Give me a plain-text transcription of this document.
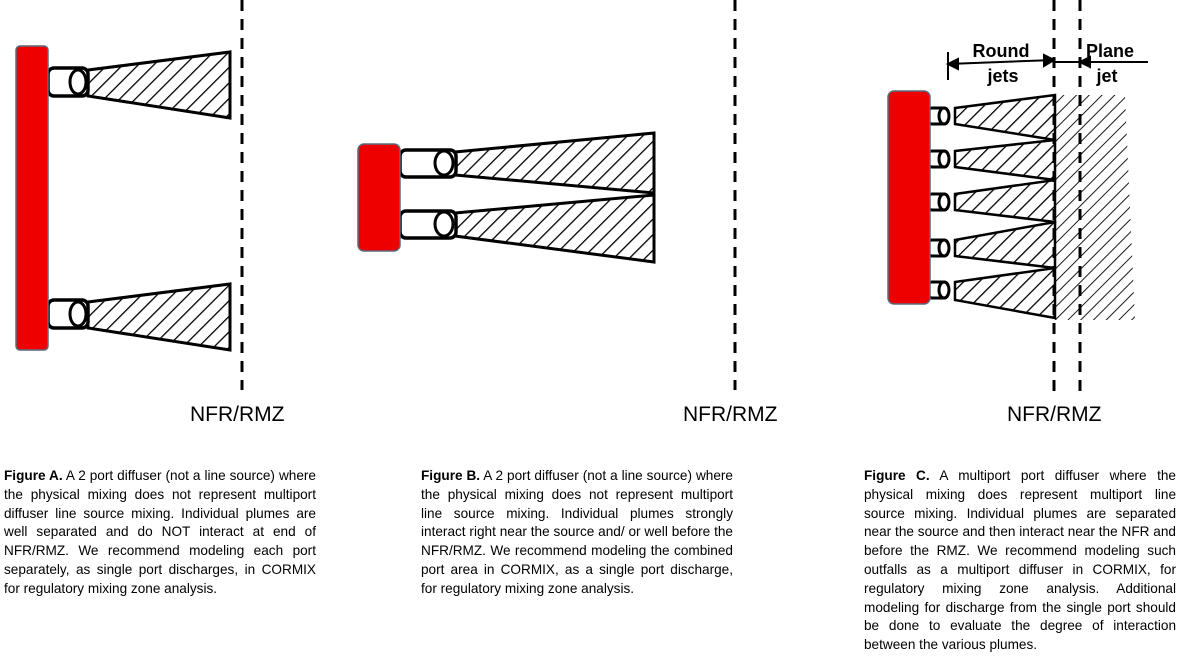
Round
jets
Plane
jet
NFR/RMZ	NFR/RMZ	NFR/RMZ
Figure A. A 2 port diffuser (not a line source) where the physical mixing does not represent multiport diffuser line source mixing. Individual plumes are well separated and do NOT interact at end of NFR/RMZ. We recommend modeling each port separately, as single port discharges, in CORMIX for regulatory mixing zone analysis.
Figure B. A 2 port diffuser (not a line source) where the physical mixing does not represent multiport line source mixing. Individual plumes strongly interact right near the source and/ or well before the NFR/RMZ. We recommend modeling the combined port area in CORMIX, as a single port discharge, for regulatory mixing zone analysis.
Figure C. A multiport port diffuser where the physical mixing does represent multiport line source mixing. Individual plumes are separated near the source and then interact near the NFR and before the RMZ. We recommend modeling such outfalls as a multiport diffuser in CORMIX, for regulatory mixing zone analysis. Additional modeling for discharge from the single port should be done to evaluate the degree of interaction between the various plumes.
